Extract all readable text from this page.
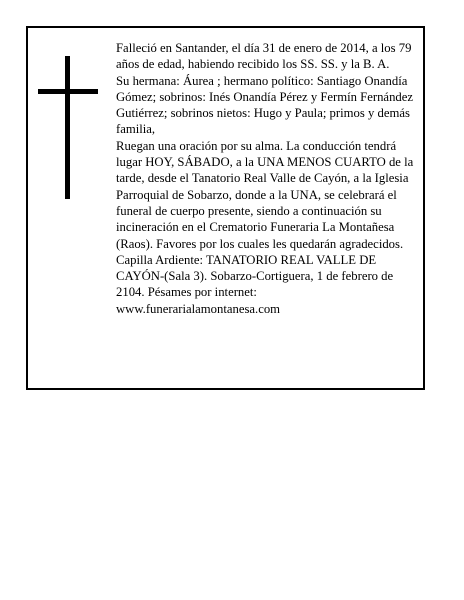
Falleció en Santander, el día 31 de enero de 2014, a los 79 años de edad, habiendo recibido los SS. SS. y la B. A.

Su hermana: Áurea ; hermano político: Santiago Onandía Gómez; sobrinos: Inés Onandía Pérez y Fermín Fernández Gutiérrez; sobrinos nietos: Hugo y Paula; primos y demás familia,

Ruegan una oración por su alma. La conducción tendrá lugar HOY, SÁBADO, a la UNA MENOS CUARTO de la tarde, desde el Tanatorio Real Valle de Cayón, a la Iglesia Parroquial de Sobarzo, donde a la UNA, se celebrará el funeral de cuerpo presente, siendo a continuación su incineración en el Crematorio Funeraria La Montañesa (Raos). Favores por los cuales les quedarán agradecidos. Capilla Ardiente: TANATORIO REAL VALLE DE CAYÓN-(Sala 3). Sobarzo-Cortiguera, 1 de febrero de 2104. Pésames por internet: www.funerarialamontanesa.com
